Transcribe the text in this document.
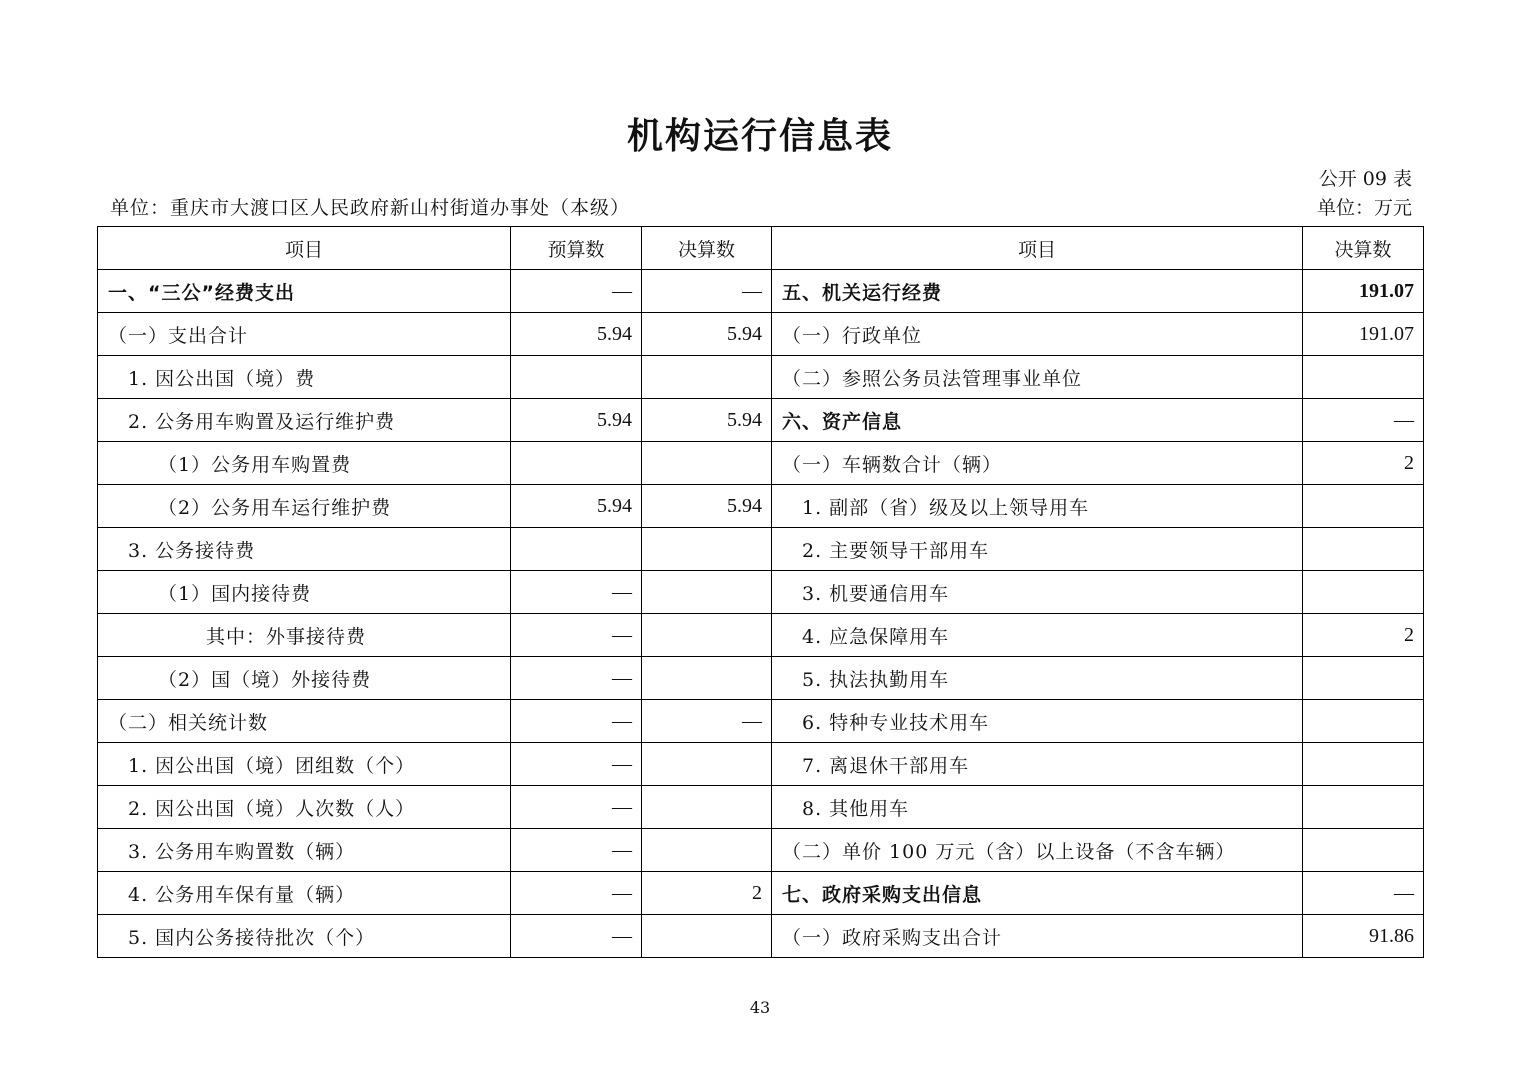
机构运行信息表
公开 09 表
单位：重庆市大渡口区人民政府新山村街道办事处（本级）	单位：万元
项目	预算数	决算数	项目	决算数
一、“三公”经费支出	—	—	五、机关运行经费	191.07
（一）支出合计	5.94	5.94	（一）行政单位	191.07
1. 因公出国（境）费			（二）参照公务员法管理事业单位	
2. 公务用车购置及运行维护费	5.94	5.94	六、资产信息	—
（1）公务用车购置费			（一）车辆数合计（辆）	2
（2）公务用车运行维护费	5.94	5.94	1. 副部（省）级及以上领导用车	
3. 公务接待费			2. 主要领导干部用车	
（1）国内接待费	—		3. 机要通信用车	
其中：外事接待费	—		4. 应急保障用车	2
（2）国（境）外接待费	—		5. 执法执勤用车	
（二）相关统计数	—	—	6. 特种专业技术用车	
1. 因公出国（境）团组数（个）	—		7. 离退休干部用车	
2. 因公出国（境）人次数（人）	—		8. 其他用车	
3. 公务用车购置数（辆）	—		（二）单价 100 万元（含）以上设备（不含车辆）	
4. 公务用车保有量（辆）	—	2	七、政府采购支出信息	—
5. 国内公务接待批次（个）	—		（一）政府采购支出合计	91.86
43
